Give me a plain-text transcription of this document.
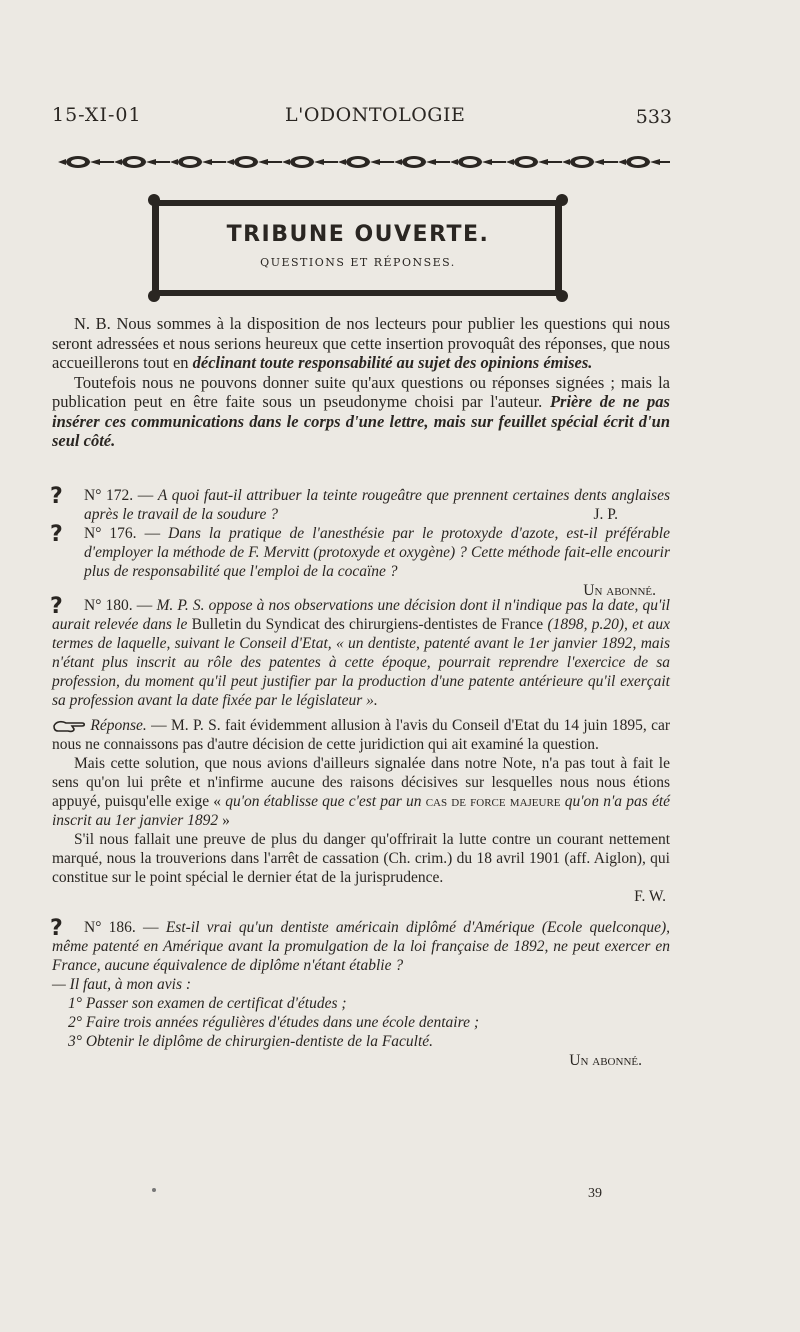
15-XI-01	L'ODONTOLOGIE	533
TRIBUNE OUVERTE.
QUESTIONS ET RÉPONSES.

N. B. Nous sommes à la disposition de nos lecteurs pour publier les questions qui nous seront adressées et nous serions heureux que cette insertion provoquât des réponses, que nous accueillerons tout en déclinant toute responsabilité au sujet des opinions émises.

Toutefois nous ne pouvons donner suite qu'aux questions ou réponses signées ; mais la publication peut en être faite sous un pseudonyme choisi par l'auteur. Prière de ne pas insérer ces communications dans le corps d'une lettre, mais sur feuillet spécial écrit d'un seul côté.

?	N° 172. — A quoi faut-il attribuer la teinte rougeâtre que prennent certaines dents anglaises après le travail de la soudure ?	J. P.

?	N° 176. — Dans la pratique de l'anesthésie par le protoxyde d'azote, est-il préférable d'employer la méthode de F. Mervitt (protoxyde et oxygène) ? Cette méthode fait-elle encourir plus de responsabilité que l'emploi de la cocaïne ?

Un abonné.

?	N° 180. — M. P. S. oppose à nos observations une décision dont il n'indique pas la date, qu'il aurait relevée dans le Bulletin du Syndicat des chirurgiens-dentistes de France (1898, p.20), et aux termes de laquelle, suivant le Conseil d'Etat, « un dentiste, patenté avant le 1er janvier 1892, mais n'étant plus inscrit au rôle des patentes à cette époque, pourrait reprendre l'exercice de sa profession, du moment qu'il peut justifier par la production d'une patente antérieure qu'il exerçait sa profession avant la date fixée par le législateur ».

Réponse. — M. P. S. fait évidemment allusion à l'avis du Conseil d'Etat du 14 juin 1895, car nous ne connaissons pas d'autre décision de cette juridiction qui ait examiné la question.

Mais cette solution, que nous avions d'ailleurs signalée dans notre Note, n'a pas tout à fait le sens qu'on lui prête et n'infirme aucune des raisons décisives sur lesquelles nous nous étions appuyé, puisqu'elle exige « qu'on établisse que c'est par un cas de force majeure qu'on n'a pas été inscrit au 1er janvier 1892 »

S'il nous fallait une preuve de plus du danger qu'offrirait la lutte contre un courant nettement marqué, nous la trouverions dans l'arrêt de cassation (Ch. crim.) du 18 avril 1901 (aff. Aiglon), qui constitue sur le point spécial le dernier état de la jurisprudence.

F. W.

?	N° 186. — Est-il vrai qu'un dentiste américain diplômé d'Amérique (Ecole quelconque), même patenté en Amérique avant la promulgation de la loi française de 1892, ne peut exercer en France, aucune équivalence de diplôme n'étant établie ?

— Il faut, à mon avis :

1° Passer son examen de certificat d'études ;

2° Faire trois années régulières d'études dans une école dentaire ;

3° Obtenir le diplôme de chirurgien-dentiste de la Faculté.

Un abonné.

39
